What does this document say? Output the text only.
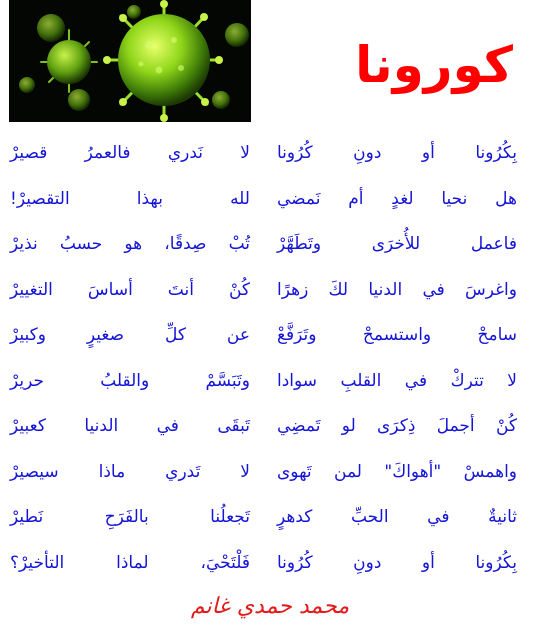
كورونا
بِكُرُونا أو دونِ كُرُونا
لا نَدري فالعمرُ قصيرْ
هل نحيا لغدٍ أم نَمضي
لله بهذا التقصيرْ!
فاعمل للأُخرَى وتَطَهَّرْ
تُبْ صِدقًا، هو حسبُ نذيرْ
واغرسَ في الدنيا لكَ زهرًا
كُنْ أنتَ أساسَ التغييرْ
سامحْ واستسمحْ وتَرَفَّعْ
عن كلِّ صغيرٍ وكبيرْ
لا تتركْ في القلبِ سوادا
وتَبَسَّمْ والقلبُ حريرْ
كُنْ أجملَ ذِكرَى لو تَمضِي
تَبقَى في الدنيا كعبيرْ
واهمسْ "أهواكَ" لمن تَهوى
لا تَدري ماذا سيصيرْ
ثانيةٌ في الحبِّ كدهرٍ
تَجعلُنا بالفَرَحِ نَطيرْ
بِكُرُونا أو دونِ كُرُونا
فَلْتَحْيَ، لماذا التأخيرْ؟
محمد حمدي غانم
